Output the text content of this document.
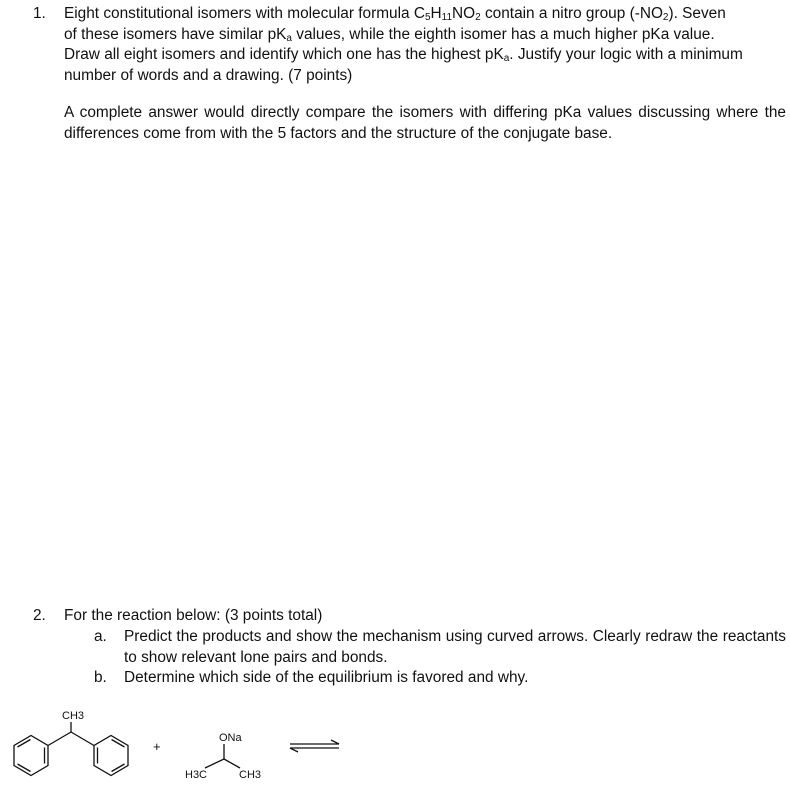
1. Eight constitutional isomers with molecular formula $C_5H_{11}NO_2$ contain a nitro group $(-NO_2)$. Seven
of these isomers have similar $pK_a$ values, while the eighth isomer has a much higher pKa value.
Draw all eight isomers and identify which one has the highest $pK_a$. Justify your logic with a minimum
number of words and a drawing. (7 points)
A complete answer would directly compare the isomers with differing pKa values discussing where the differences come from with the 5 factors and the structure of the conjugate base.
2. For the reaction below: (3 points total)
a. Predict the products and show the mechanism using curved arrows. Clearly redraw the reactants to show relevant lone pairs and bonds.
b. Determine which side of the equilibrium is favored and why.
CH3
+
ONa
H3C	CH3
